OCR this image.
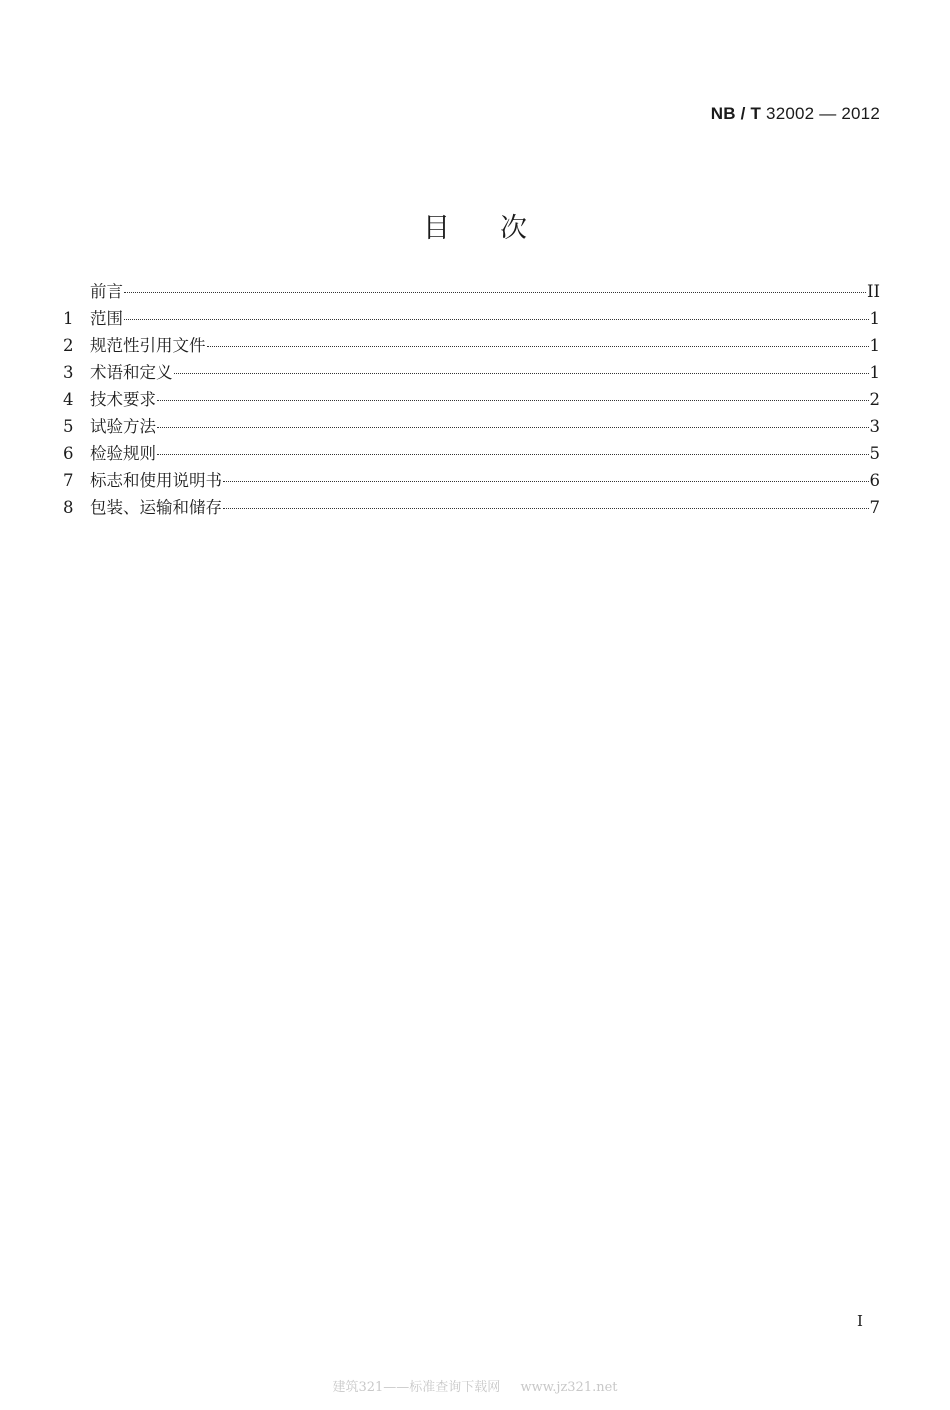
NB / T 32002 — 2012
目次
前言	II
1	范围	1
2	规范性引用文件	1
3	术语和定义	1
4	技术要求	2
5	试验方法	3
6	检验规则	5
7	标志和使用说明书	6
8	包装、运输和储存	7
I
建筑321——标准查询下载网 www.jz321.net
